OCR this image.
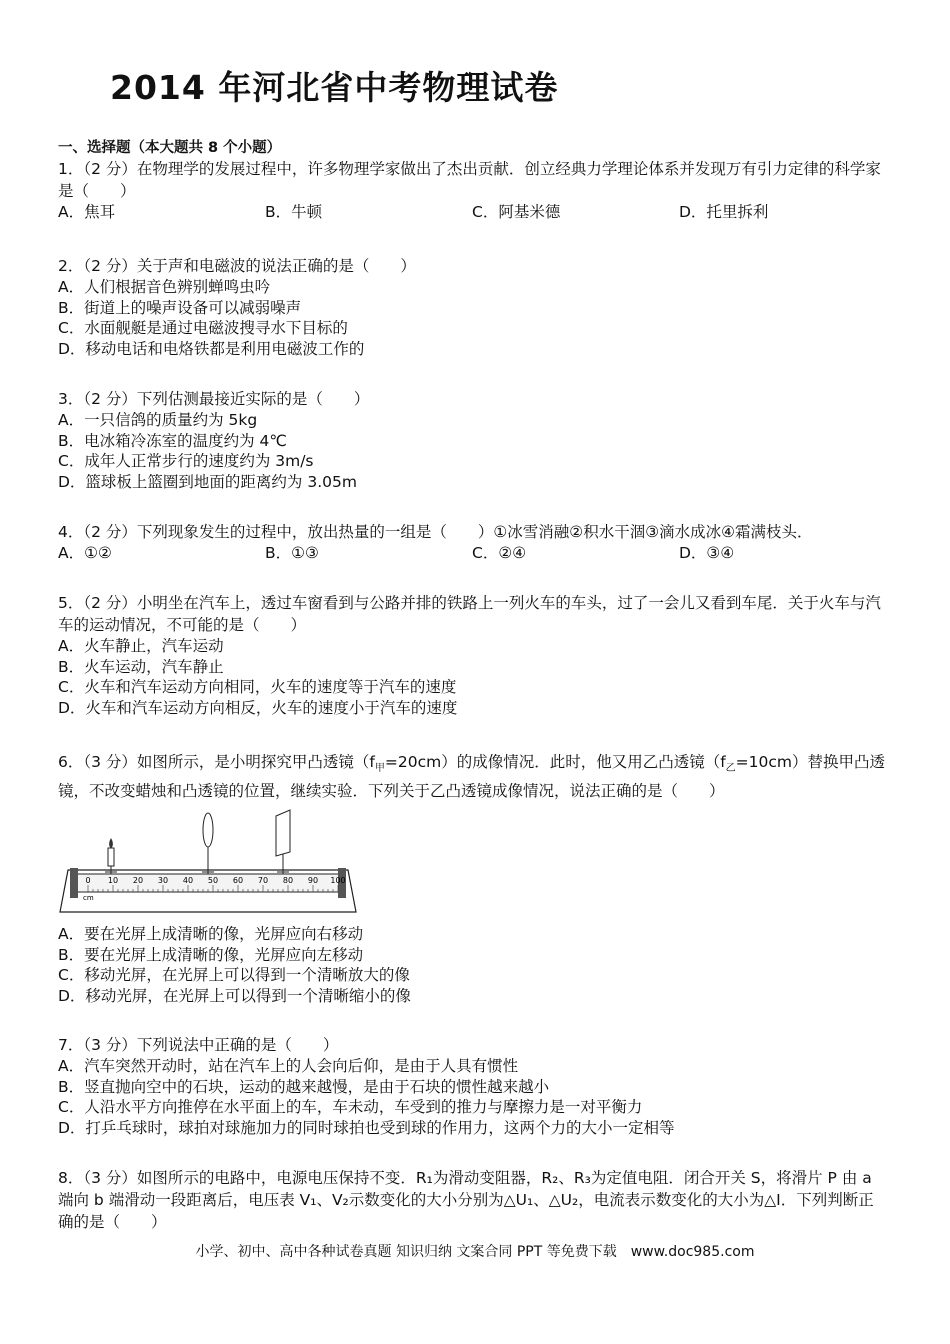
2014 年河北省中考物理试卷
一、选择题（本大题共 8 个小题）

1．（2 分）在物理学的发展过程中，许多物理学家做出了杰出贡献．创立经典力学理论体系并发现万有引力定律的科学家是（　　）

A．焦耳	B．牛顿	C．阿基米德	D．托里拆利

2．（2 分）关于声和电磁波的说法正确的是（　　）

A．人们根据音色辨别蝉鸣虫吟

B．街道上的噪声设备可以减弱噪声

C．水面舰艇是通过电磁波搜寻水下目标的

D．移动电话和电烙铁都是利用电磁波工作的

3．（2 分）下列估测最接近实际的是（　　）

A．一只信鸽的质量约为 5kg

B．电冰箱冷冻室的温度约为 4℃

C．成年人正常步行的速度约为 3m/s

D．篮球板上篮圈到地面的距离约为 3.05m

4．（2 分）下列现象发生的过程中，放出热量的一组是（　　）①冰雪消融②积水干涸③滴水成冰④霜满枝头．

A．①②	B．①③	C．②④	D．③④

5．（2 分）小明坐在汽车上，透过车窗看到与公路并排的铁路上一列火车的车头，过了一会儿又看到车尾．关于火车与汽车的运动情况，不可能的是（　　）

A．火车静止，汽车运动

B．火车运动，汽车静止

C．火车和汽车运动方向相同，火车的速度等于汽车的速度

D．火车和汽车运动方向相反，火车的速度小于汽车的速度

6．（3 分）如图所示，是小明探究甲凸透镜$(f_甲=20cm)$的成像情况．此时，他又用乙凸透镜$(f_乙=10cm)$替换甲凸透镜，不改变蜡烛和凸透镜的位置，继续实验．下列关于乙凸透镜成像情况，说法正确的是（　　）

0 10 20 30 40 50 60 70 80 90 100
cm

A．要在光屏上成清晰的像，光屏应向右移动

B．要在光屏上成清晰的像，光屏应向左移动

C．移动光屏，在光屏上可以得到一个清晰放大的像

D．移动光屏，在光屏上可以得到一个清晰缩小的像

7．（3 分）下列说法中正确的是（　　）

A．汽车突然开动时，站在汽车上的人会向后仰，是由于人具有惯性

B．竖直抛向空中的石块，运动的越来越慢，是由于石块的惯性越来越小

C．人沿水平方向推停在水平面上的车，车未动，车受到的推力与摩擦力是一对平衡力

D．打乒乓球时，球拍对球施加力的同时球拍也受到球的作用力，这两个力的大小一定相等

8．（3 分）如图所示的电路中，电源电压保持不变．R₁为滑动变阻器，R₂、R₃为定值电阻．闭合开关 S，将滑片 P 由 a 端向 b 端滑动一段距离后，电压表 V₁、V₂示数变化的大小分别为△U₁、△U₂，电流表示数变化的大小为△I．下列判断正确的是（　　）

小学、初中、高中各种试卷真题 知识归纳 文案合同 PPT 等免费下载　www.doc985.com
